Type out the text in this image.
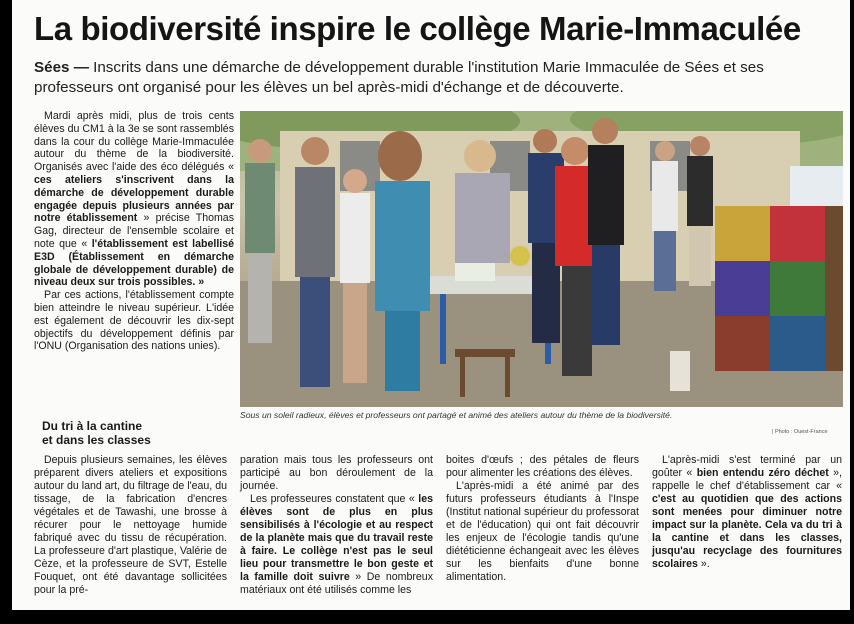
La biodiversité inspire le collège Marie-Immaculée
Sées — Inscrits dans une démarche de développement durable l'institution Marie Immaculée de Sées et ses professeurs ont organisé pour les élèves un bel après-midi d'échange et de découverte.

Mardi après midi, plus de trois cents élèves du CM1 à la 3e se sont rassemblés dans la cour du collège Marie-Immaculée autour du thème de la biodiversité. Organisés avec l'aide des éco délégués « ces ateliers s'inscrivent dans la démarche de développement durable engagée depuis plusieurs années par notre établissement » précise Thomas Gag, directeur de l'ensemble scolaire et note que « l'établissement est labellisé E3D (Établissement en démarche globale de développement durable) de niveau deux sur trois possibles. »

Par ces actions, l'établissement compte bien atteindre le niveau supérieur. L'idée est également de découvrir les dix-sept objectifs du développement définis par l'ONU (Organisation des nations unies).

Du tri à la cantine
et dans les classes
Sous un soleil radieux, élèves et professeurs ont partagé et animé des ateliers autour du thème de la biodiversité.
| Photo : Ouest-France

Depuis plusieurs semaines, les élèves préparent divers ateliers et expositions autour du land art, du filtrage de l'eau, du tissage, de la fabrication d'encres végétales et de Tawashi, une brosse à récurer pour le nettoyage humide fabriqué avec du tissu de récupération. La professeure d'art plastique, Valérie de Cèze, et la professeure de SVT, Estelle Fouquet, ont été davantage sollicitées pour la pré-

paration mais tous les professeurs ont participé au bon déroulement de la journée.

Les professeures constatent que « les élèves sont de plus en plus sensibilisés à l'écologie et au respect de la planète mais que du travail reste à faire. Le collège n'est pas le seul lieu pour transmettre le bon geste et la famille doit suivre » De nombreux matériaux ont été utilisés comme les

boites d'œufs ; des pétales de fleurs pour alimenter les créations des élèves.

L'après-midi a été animé par des futurs professeurs étudiants à l'Inspe (Institut national supérieur du professorat et de l'éducation) qui ont fait découvrir les enjeux de l'écologie tandis qu'une diététicienne échangeait avec les élèves sur les bienfaits d'une bonne alimentation.

L'après-midi s'est terminé par un goûter « bien entendu zéro déchet », rappelle le chef d'établissement car « c'est au quotidien que des actions sont menées pour diminuer notre impact sur la planète. Cela va du tri à la cantine et dans les classes, jusqu'au recyclage des fournitures scolaires ».
